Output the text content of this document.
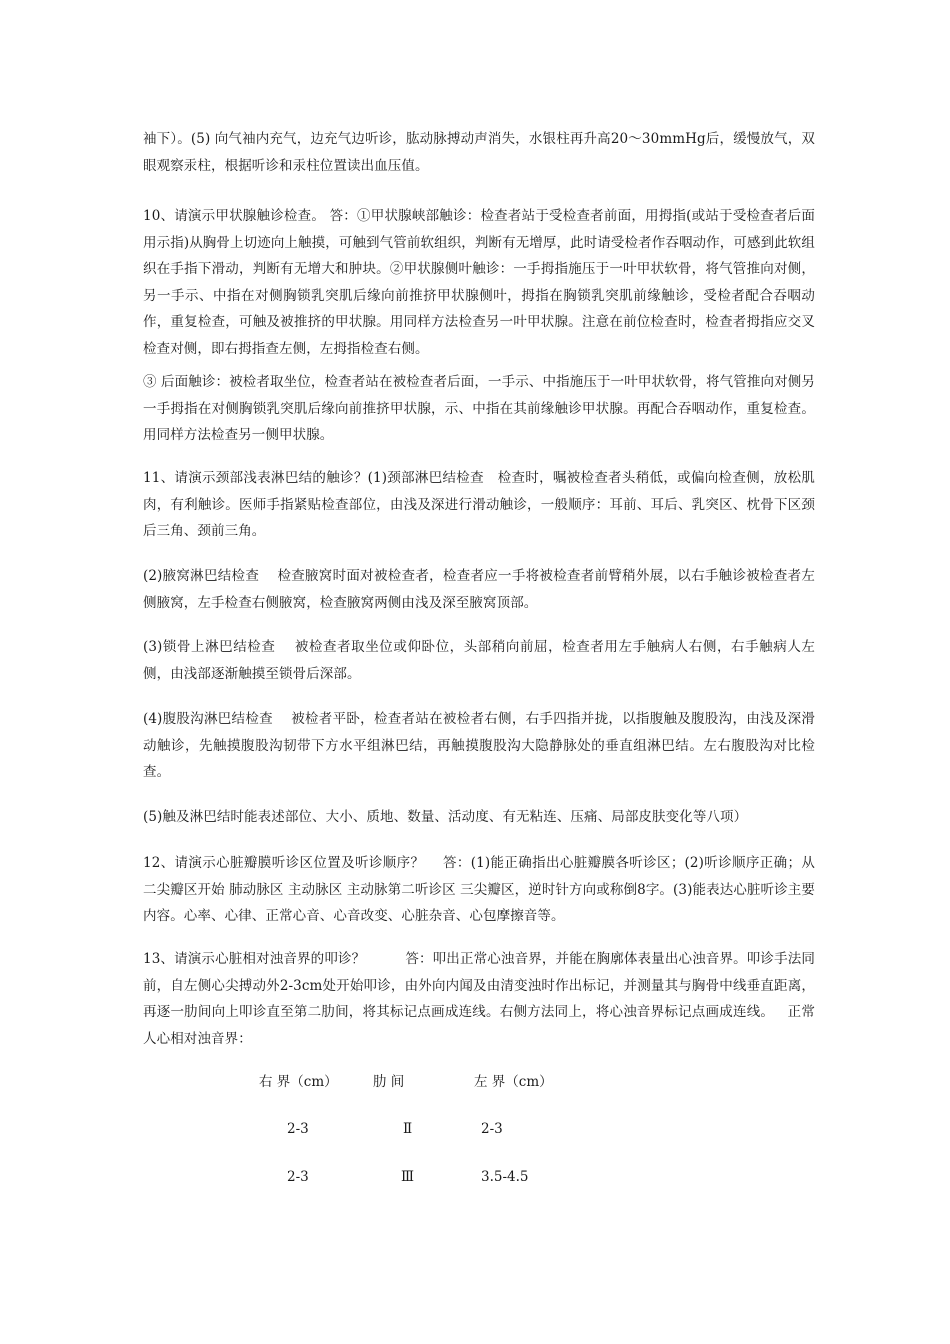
袖下）。(5) 向气袖内充气，边充气边听诊，肱动脉搏动声消失，水银柱再升高20～30mmHg后，缓慢放气，双眼观察汞柱，根据听诊和汞柱位置读出血压值。

10、请演示甲状腺触诊检查。 答：①甲状腺峡部触诊：检查者站于受检查者前面，用拇指(或站于受检查者后面用示指)从胸骨上切迹向上触摸，可触到气管前软组织，判断有无增厚，此时请受检者作吞咽动作，可感到此软组织在手指下滑动，判断有无增大和肿块。②甲状腺侧叶触诊：一手拇指施压于一叶甲状软骨，将气管推向对侧，另一手示、中指在对侧胸锁乳突肌后缘向前推挤甲状腺侧叶，拇指在胸锁乳突肌前缘触诊，受检者配合吞咽动作，重复检查，可触及被推挤的甲状腺。用同样方法检查另一叶甲状腺。注意在前位检查时，检查者拇指应交叉检查对侧，即右拇指查左侧，左拇指检查右侧。

③ 后面触诊：被检者取坐位，检查者站在被检查者后面，一手示、中指施压于一叶甲状软骨，将气管推向对侧另一手拇指在对侧胸锁乳突肌后缘向前推挤甲状腺，示、中指在其前缘触诊甲状腺。再配合吞咽动作，重复检查。用同样方法检查另一侧甲状腺。

11、请演示颈部浅表淋巴结的触诊？(1)颈部淋巴结检查   检查时，嘱被检查者头稍低，或偏向检查侧，放松肌肉，有利触诊。医师手指紧贴检查部位，由浅及深进行滑动触诊，一般顺序：耳前、耳后、乳突区、枕骨下区颈后三角、颈前三角。

(2)腋窝淋巴结检查    检查腋窝时面对被检查者，检查者应一手将被检查者前臂稍外展，以右手触诊被检查者左侧腋窝，左手检查右侧腋窝，检查腋窝两侧由浅及深至腋窝顶部。

(3)锁骨上淋巴结检查    被检查者取坐位或仰卧位，头部稍向前屈，检查者用左手触病人右侧，右手触病人左侧，由浅部逐渐触摸至锁骨后深部。

(4)腹股沟淋巴结检查    被检者平卧，检查者站在被检者右侧，右手四指并拢，以指腹触及腹股沟，由浅及深滑动触诊，先触摸腹股沟韧带下方水平组淋巴结，再触摸腹股沟大隐静脉处的垂直组淋巴结。左右腹股沟对比检查。

(5)触及淋巴结时能表述部位、大小、质地、数量、活动度、有无粘连、压痛、局部皮肤变化等八项）

12、请演示心脏瓣膜听诊区位置及听诊顺序？    答：(1)能正确指出心脏瓣膜各听诊区；(2)听诊顺序正确；从二尖瓣区开始 肺动脉区 主动脉区 主动脉第二听诊区 三尖瓣区，逆时针方向或称倒8字。(3)能表达心脏听诊主要内容。心率、心律、正常心音、心音改变、心脏杂音、心包摩擦音等。

13、请演示心脏相对浊音界的叩诊？         答：叩出正常心浊音界，并能在胸廓体表量出心浊音界。叩诊手法同前，自左侧心尖搏动外2-3cm处开始叩诊，由外向内闻及由清变浊时作出标记，并测量其与胸骨中线垂直距离，再逐一肋间向上叩诊直至第二肋间，将其标记点画成连线。右侧方法同上，将心浊音界标记点画成连线。   正常人心相对浊音界：

右 界（cm）	肋 间	左 界（cm）
2-3	Ⅱ	2-3
2-3	Ⅲ	3.5-4.5
